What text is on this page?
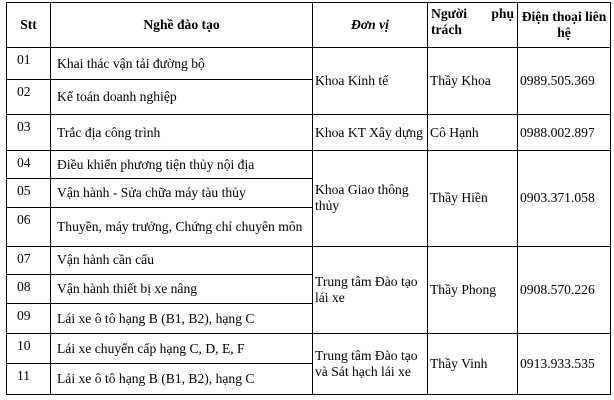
Stt	Nghề đào tạo	Đơn vị	Người phụ trách	Điện thoại liên hệ
01	Khai thác vận tải đường bộ	Khoa Kinh tế	Thầy Khoa	0989.505.369
02	Kế toán doanh nghiệp			
03	Trắc địa công trình	Khoa KT Xây dựng	Cô Hạnh	0988.002.897
04	Điều khiển phương tiện thủy nội địa	Khoa Giao thông thủy	Thầy Hiền	0903.371.058
05	Vận hành - Sửa chữa máy tàu thủy			
06	Thuyền, máy trưởng, Chứng chỉ chuyên môn			
07	Vận hành cần cẩu	Trung tâm Đào tạo lái xe	Thầy Phong	0908.570.226
08	Vận hành thiết bị xe nâng			
09	Lái xe ô tô hạng B (B1, B2), hạng C			
10	Lái xe chuyển cấp hạng C, D, E, F	Trung tâm Đào tạo và Sát hạch lái xe	Thầy Vinh	0913.933.535
11	Lái xe ô tô hạng B (B1, B2), hạng C			
